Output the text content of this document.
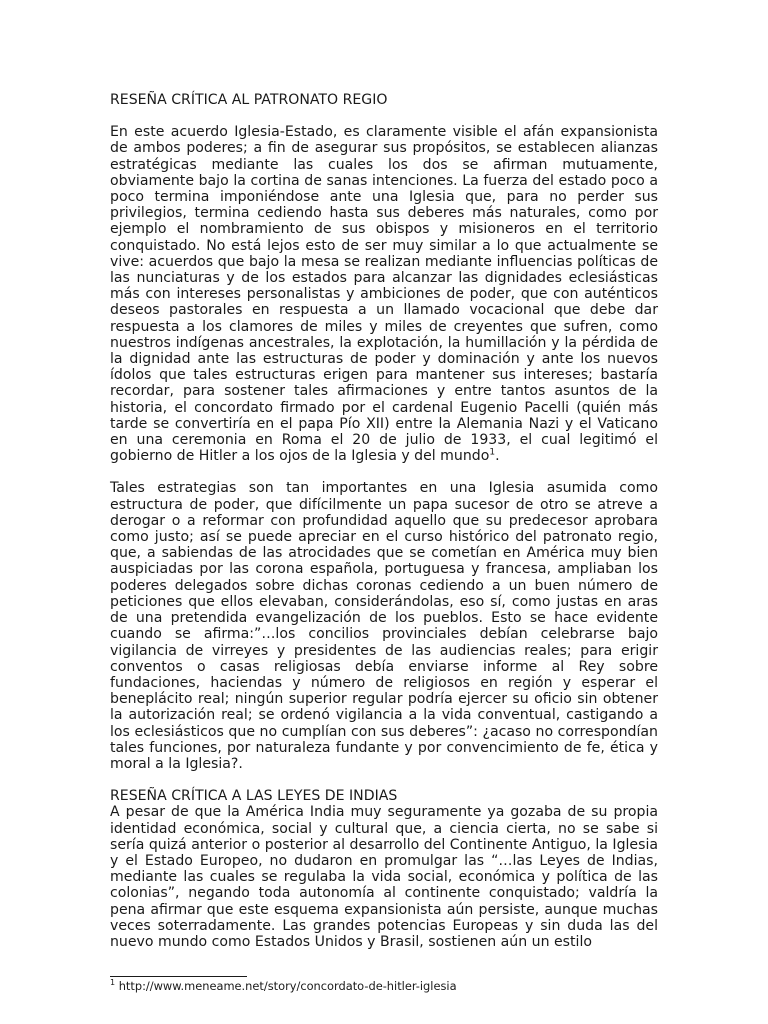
RESEÑA CRÍTICA AL PATRONATO REGIO

En este acuerdo Iglesia-Estado, es claramente visible el afán expansionista de ambos poderes; a fin de asegurar sus propósitos, se establecen alianzas estratégicas mediante las cuales los dos se afirman mutuamente, obviamente bajo la cortina de sanas intenciones. La fuerza del estado poco a poco termina imponiéndose ante una Iglesia que, para no perder sus privilegios, termina cediendo hasta sus deberes más naturales, como por ejemplo el nombramiento de sus obispos y misioneros en el territorio conquistado. No está lejos esto de ser muy similar a lo que actualmente se vive: acuerdos que bajo la mesa se realizan mediante influencias políticas de las nunciaturas y de los estados para alcanzar las dignidades eclesiásticas más con intereses personalistas y ambiciones de poder, que con auténticos deseos pastorales en respuesta a un llamado vocacional que debe dar respuesta a los clamores de miles y miles de creyentes que sufren, como nuestros indígenas ancestrales, la explotación, la humillación y la pérdida de la dignidad ante las estructuras de poder y dominación y ante los nuevos ídolos que tales estructuras erigen para mantener sus intereses; bastaría recordar, para sostener tales afirmaciones y entre tantos asuntos de la historia, el concordato firmado por el cardenal Eugenio Pacelli (quién más tarde se convertiría en el papa Pío XII) entre la Alemania Nazi y el Vaticano en una ceremonia en Roma el 20 de julio de 1933, el cual legitimó el gobierno de Hitler a los ojos de la Iglesia y del mundo$^1$.

Tales estrategias son tan importantes en una Iglesia asumida como estructura de poder, que difícilmente un papa sucesor de otro se atreve a derogar o a reformar con profundidad aquello que su predecesor aprobara como justo; así se puede apreciar en el curso histórico del patronato regio, que, a sabiendas de las atrocidades que se cometían en América muy bien auspiciadas por las corona española, portuguesa y francesa, ampliaban los poderes delegados sobre dichas coronas cediendo a un buen número de peticiones que ellos elevaban, considerándolas, eso sí, como justas en aras de una pretendida evangelización de los pueblos. Esto se hace evidente cuando se afirma:”…los concilios provinciales debían celebrarse bajo vigilancia de virreyes y presidentes de las audiencias reales; para erigir conventos o casas religiosas debía enviarse informe al Rey sobre fundaciones, haciendas y número de religiosos en región y esperar el beneplácito real; ningún superior regular podría ejercer su oficio sin obtener la autorización real; se ordenó vigilancia a la vida conventual, castigando a los eclesiásticos que no cumplían con sus deberes”: ¿acaso no correspondían tales funciones, por naturaleza fundante y por convencimiento de fe, ética y moral a la Iglesia?.

RESEÑA CRÍTICA A LAS LEYES DE INDIAS

A pesar de que la América India muy seguramente ya gozaba de su propia identidad económica, social y cultural que, a ciencia cierta, no se sabe si sería quizá anterior o posterior al desarrollo del Continente Antiguo, la Iglesia y el Estado Europeo, no dudaron en promulgar las “…las Leyes de Indias, mediante las cuales se regulaba la vida social, económica y política de las colonias”, negando toda autonomía al continente conquistado; valdría la pena afirmar que este esquema expansionista aún persiste, aunque muchas veces soterradamente. Las grandes potencias Europeas y sin duda las del nuevo mundo como Estados Unidos y Brasil, sostienen aún un estilo

$^1$ http://www.meneame.net/story/concordato-de-hitler-iglesia
